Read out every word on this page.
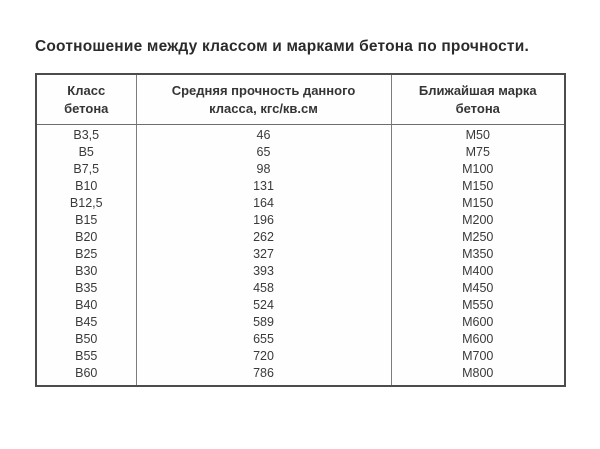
Соотношение между классом и марками бетона по прочности.
Класс бетона	Средняя прочность данного класса, кгс/кв.см	Ближайшая марка бетона
В3,5	46	М50
В5	65	М75
В7,5	98	М100
В10	131	М150
В12,5	164	М150
В15	196	М200
В20	262	М250
В25	327	М350
В30	393	М400
В35	458	М450
В40	524	М550
В45	589	М600
В50	655	М600
В55	720	М700
В60	786	М800
